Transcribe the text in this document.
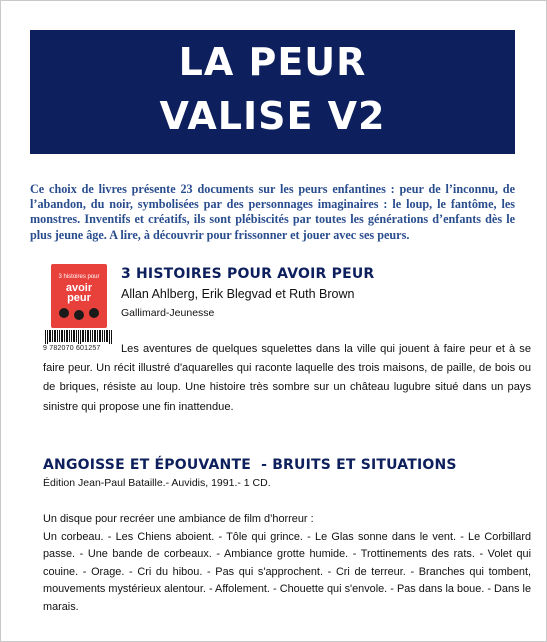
LA PEUR
VALISE V2
Ce choix de livres présente 23 documents sur les peurs enfantines : peur de l’inconnu, de l’abandon, du noir, symbolisées par des personnages imaginaires : le loup, le fantôme, les monstres. Inventifs et créatifs, ils sont plébiscités par toutes les générations d’enfants dès le plus jeune âge. A lire, à découvrir pour frissonner et jouer avec ses peurs.
3 histoires pour
avoir peur
9 782070 601257
3 HISTOIRES POUR AVOIR PEUR
Allan Ahlberg, Erik Blegvad et Ruth Brown
Gallimard-Jeunesse
Les aventures de quelques squelettes dans la ville qui jouent à faire peur et à se faire peur. Un récit illustré d'aquarelles qui raconte laquelle des trois maisons, de paille, de bois ou de briques, résiste au loup. Une histoire très sombre sur un château lugubre situé dans un pays sinistre qui propose une fin inattendue.
ANGOISSE ET ÉPOUVANTE  - BRUITS ET SITUATIONS
Édition Jean-Paul Bataille.- Auvidis, 1991.- 1 CD.
Un disque pour recréer une ambiance de film d’horreur :
Un corbeau. - Les Chiens aboient. - Tôle qui grince. - Le Glas sonne dans le vent. - Le Corbillard passe. - Une bande de corbeaux. - Ambiance grotte humide. - Trottinements des rats. - Volet qui couine. - Orage. - Cri du hibou. - Pas qui s'approchent. - Cri de terreur. - Branches qui tombent, mouvements mystérieux alentour. - Affolement. - Chouette qui s'envole. - Pas dans la boue. - Dans le marais.
